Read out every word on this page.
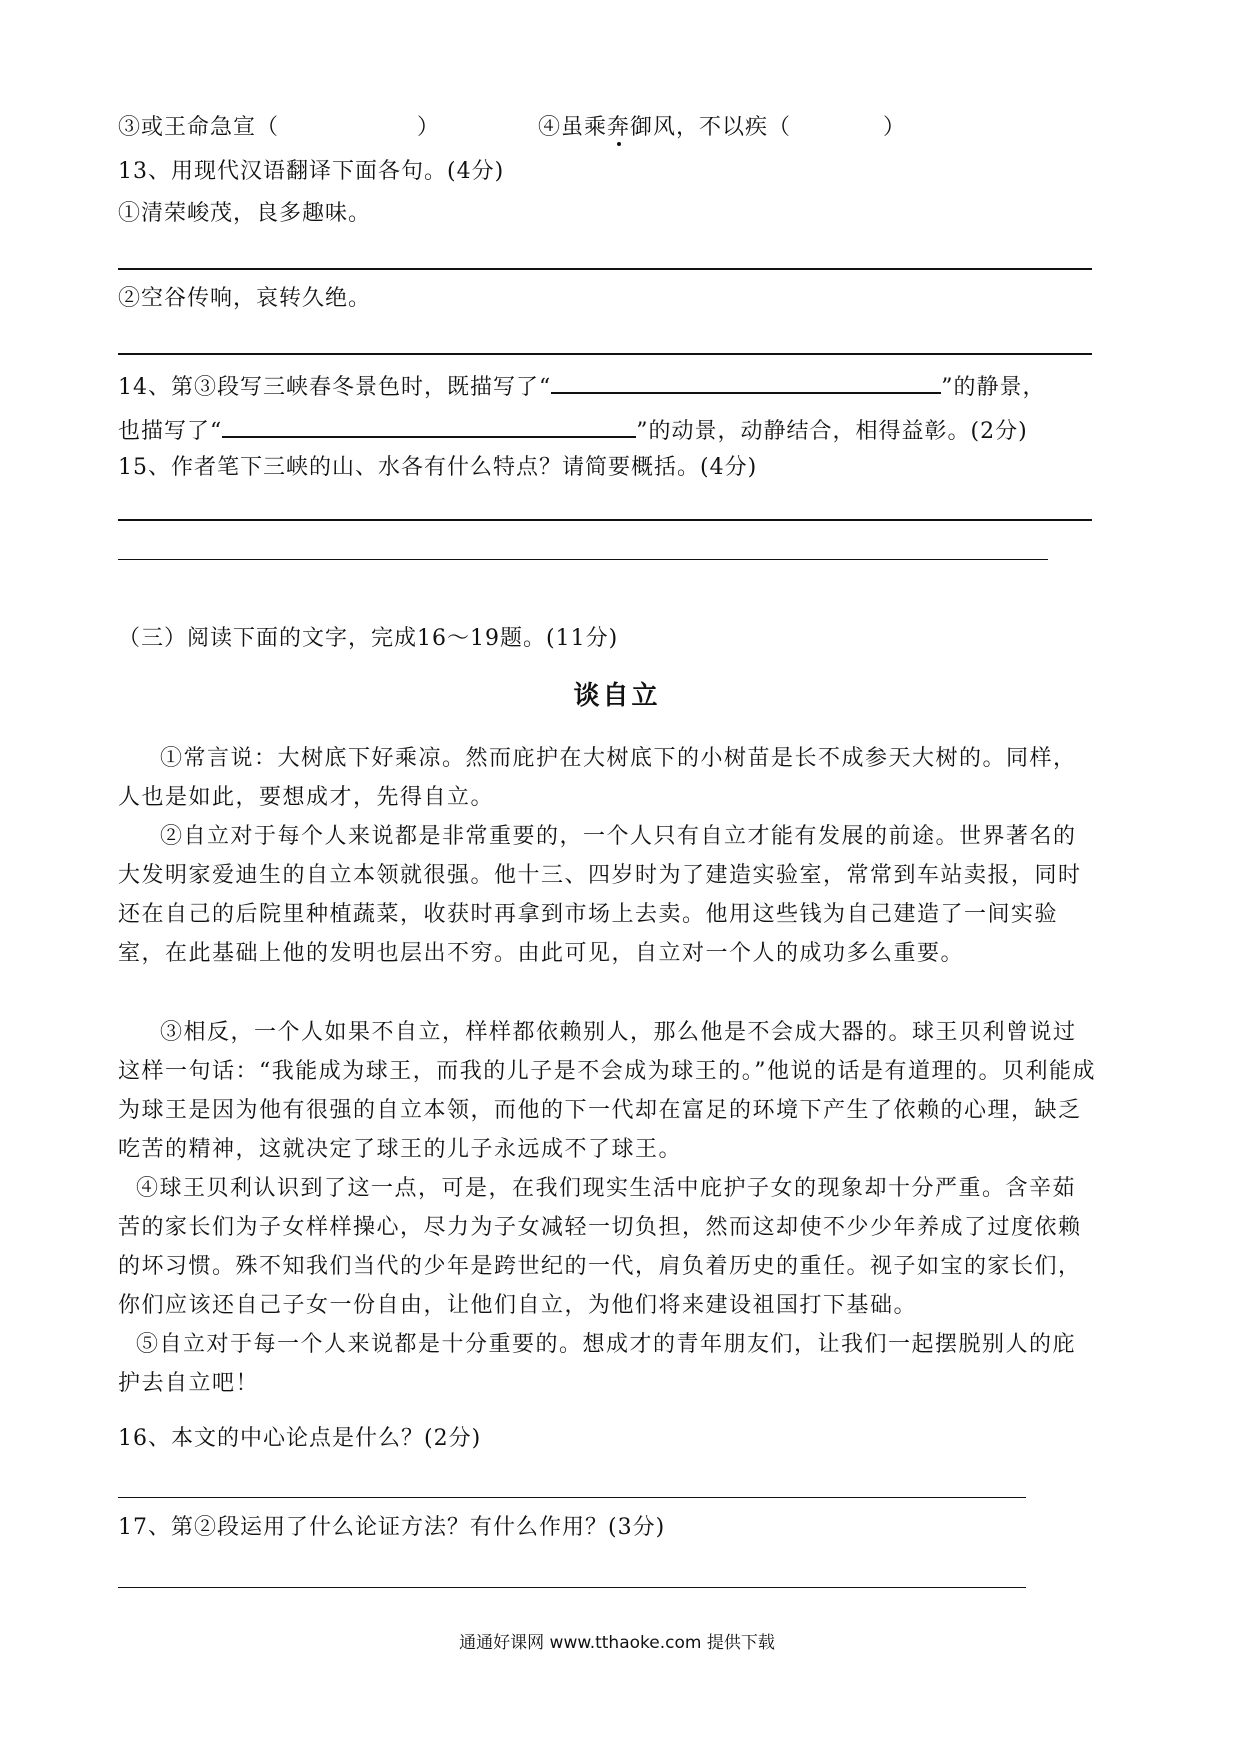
③或王命急宣（　　　　　　）	④虽乘奔御风，不以疾（　　　　）
13、用现代汉语翻译下面各句。(4分)
①清荣峻茂，良多趣味。
②空谷传响，哀转久绝。
14、第③段写三峡春冬景色时，既描写了“	”的静景，
也描写了“	”的动景，动静结合，相得益彰。(2分)
15、作者笔下三峡的山、水各有什么特点？请简要概括。(4分)
（三）阅读下面的文字，完成16～19题。(11分)
谈自立
①常言说：大树底下好乘凉。然而庇护在大树底下的小树苗是长不成参天大树的。同样，人也是如此，要想成才，先得自立。
②自立对于每个人来说都是非常重要的，一个人只有自立才能有发展的前途。世界著名的大发明家爱迪生的自立本领就很强。他十三、四岁时为了建造实验室，常常到车站卖报，同时还在自己的后院里种植蔬菜，收获时再拿到市场上去卖。他用这些钱为自己建造了一间实验室，在此基础上他的发明也层出不穷。由此可见，自立对一个人的成功多么重要。
③相反，一个人如果不自立，样样都依赖别人，那么他是不会成大器的。球王贝利曾说过这样一句话：“我能成为球王，而我的儿子是不会成为球王的。”他说的话是有道理的。贝利能成为球王是因为他有很强的自立本领，而他的下一代却在富足的环境下产生了依赖的心理，缺乏吃苦的精神，这就决定了球王的儿子永远成不了球王。
④球王贝利认识到了这一点，可是，在我们现实生活中庇护子女的现象却十分严重。含辛茹苦的家长们为子女样样操心，尽力为子女减轻一切负担，然而这却使不少少年养成了过度依赖的坏习惯。殊不知我们当代的少年是跨世纪的一代，肩负着历史的重任。视子如宝的家长们，你们应该还自己子女一份自由，让他们自立，为他们将来建设祖国打下基础。
⑤自立对于每一个人来说都是十分重要的。想成才的青年朋友们，让我们一起摆脱别人的庇护去自立吧！
16、本文的中心论点是什么？(2分)
17、第②段运用了什么论证方法？有什么作用？(3分)
通通好课网 www.tthaoke.com 提供下载
